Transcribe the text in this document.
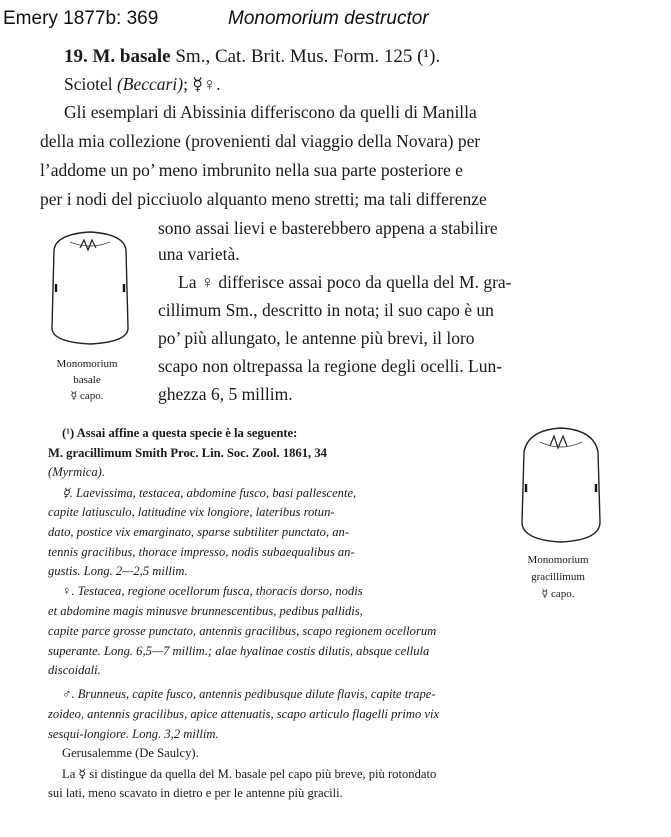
Emery 1877b: 369	Monomorium destructor
19. M. basale Sm., Cat. Brit. Mus. Form. 125 (¹).
Sciotel (Beccari); ☿♀.
Gli esemplari di Abissinia differiscono da quelli di Manilla
della mia collezione (provenienti dal viaggio della Novara) per
l’addome un po’ meno imbrunito nella sua parte posteriore e
per i nodi del picciuolo alquanto meno stretti; ma tali differenze
sono assai lievi e basterebbero appena a stabilire
una varietà.
La ♀ differisce assai poco da quella del M. gra-
cillimum Sm., descritto in nota; il suo capo è un
po’ più allungato, le antenne più brevi, il loro
scapo non oltrepassa la regione degli ocelli. Lun-
ghezza 6, 5 millim.
Monomorium
basale
☿ capo.
(¹) Assai affine a questa specie è la seguente:
M. gracillimum Smith Proc. Lin. Soc. Zool. 1861, 34
(Myrmica).
☿. Laevissima, testacea, abdomine fusco, basi pallescente,
capite latiusculo, latitudine vix longiore, lateribus rotun-
dato, postice vix emarginato, sparse subtiliter punctato, an-
tennis gracilibus, thorace impresso, nodis subaequalibus an-
gustis. Long. 2—2,5 millim.
♀. Testacea, regione ocellorum fusca, thoracis dorso, nodis
et abdomine magis minusve brunnescentibus, pedibus pallidis,
capite parce grosse punctato, antennis gracilibus, scapo regionem ocellorum
superante. Long. 6,5—7 millim.; alae hyalinae costis dilutis, absque cellula
discoidali.
♂. Brunneus, capite fusco, antennis pedibusque dilute flavis, capite trape-
zoideo, antennis gracilibus, apice attenuatis, scapo articulo flagelli primo vix
sesqui-longiore. Long. 3,2 millim.
Gerusalemme (De Saulcy).
La ☿ si distingue da quella del M. basale pel capo più breve, più rotondato
sui lati, meno scavato in dietro e per le antenne più gracili.
Monomorium
gracillimum
☿ capo.
